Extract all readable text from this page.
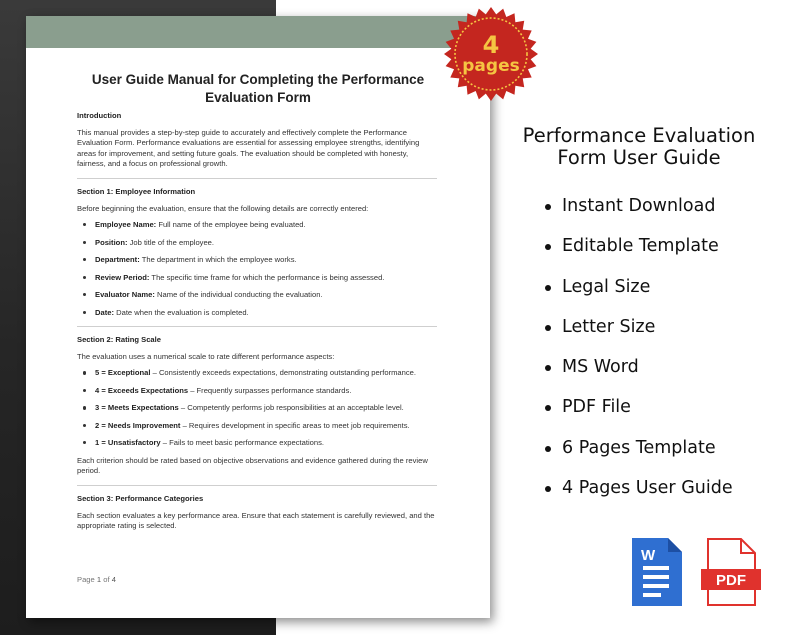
User Guide Manual for Completing the Performance
Evaluation Form
Introduction
This manual provides a step-by-step guide to accurately and effectively complete the Performance Evaluation Form. Performance evaluations are essential for assessing employee strengths, identifying areas for improvement, and setting future goals. The evaluation should be completed with honesty, fairness, and a focus on professional growth.
Section 1: Employee Information
Before beginning the evaluation, ensure that the following details are correctly entered:
Employee Name: Full name of the employee being evaluated.
Position: Job title of the employee.
Department: The department in which the employee works.
Review Period: The specific time frame for which the performance is being assessed.
Evaluator Name: Name of the individual conducting the evaluation.
Date: Date when the evaluation is completed.
Section 2: Rating Scale
The evaluation uses a numerical scale to rate different performance aspects:
5 = Exceptional – Consistently exceeds expectations, demonstrating outstanding performance.
4 = Exceeds Expectations – Frequently surpasses performance standards.
3 = Meets Expectations – Competently performs job responsibilities at an acceptable level.
2 = Needs Improvement – Requires development in specific areas to meet job requirements.
1 = Unsatisfactory – Fails to meet basic performance expectations.
Each criterion should be rated based on objective observations and evidence gathered during the review period.
Section 3: Performance Categories
Each section evaluates a key performance area. Ensure that each statement is carefully reviewed, and the appropriate rating is selected.
Page 1 of 4
4
pages
Performance Evaluation
Form User Guide
Instant Download
Editable Template
Legal Size
Letter Size
MS Word
PDF File
6 Pages Template
4 Pages User Guide
W
PDF
